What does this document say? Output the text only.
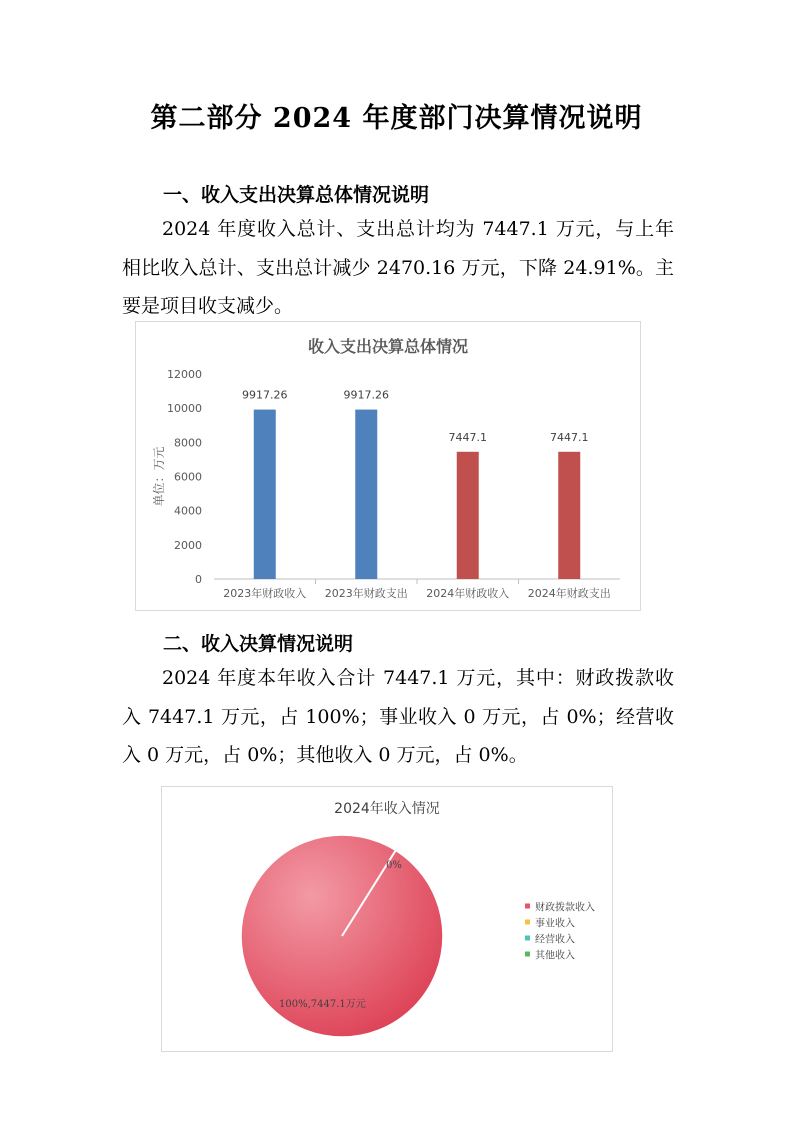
第二部分 2024 年度部门决算情况说明
一、收入支出决算总体情况说明

2024 年度收入总计、支出总计均为 7447.1 万元，与上年相比收入总计、支出总计减少 2470.16 万元，下降 24.91%。主要是项目收支减少。

收入支出决算总体情况
0
2000
4000
6000
8000
10000
12000
单位：万元
9917.26
2023年财政收入
9917.26
2023年财政支出
7447.1
2024年财政收入
7447.1
2024年财政支出
二、收入决算情况说明

2024 年度本年收入合计 7447.1 万元，其中：财政拨款收入 7447.1 万元，占 100%；事业收入 0 万元，占 0%；经营收入 0 万元，占 0%；其他收入 0 万元，占 0%。

2024年收入情况
0%
100%,7447.1万元
财政拨款收入
事业收入
经营收入
其他收入
